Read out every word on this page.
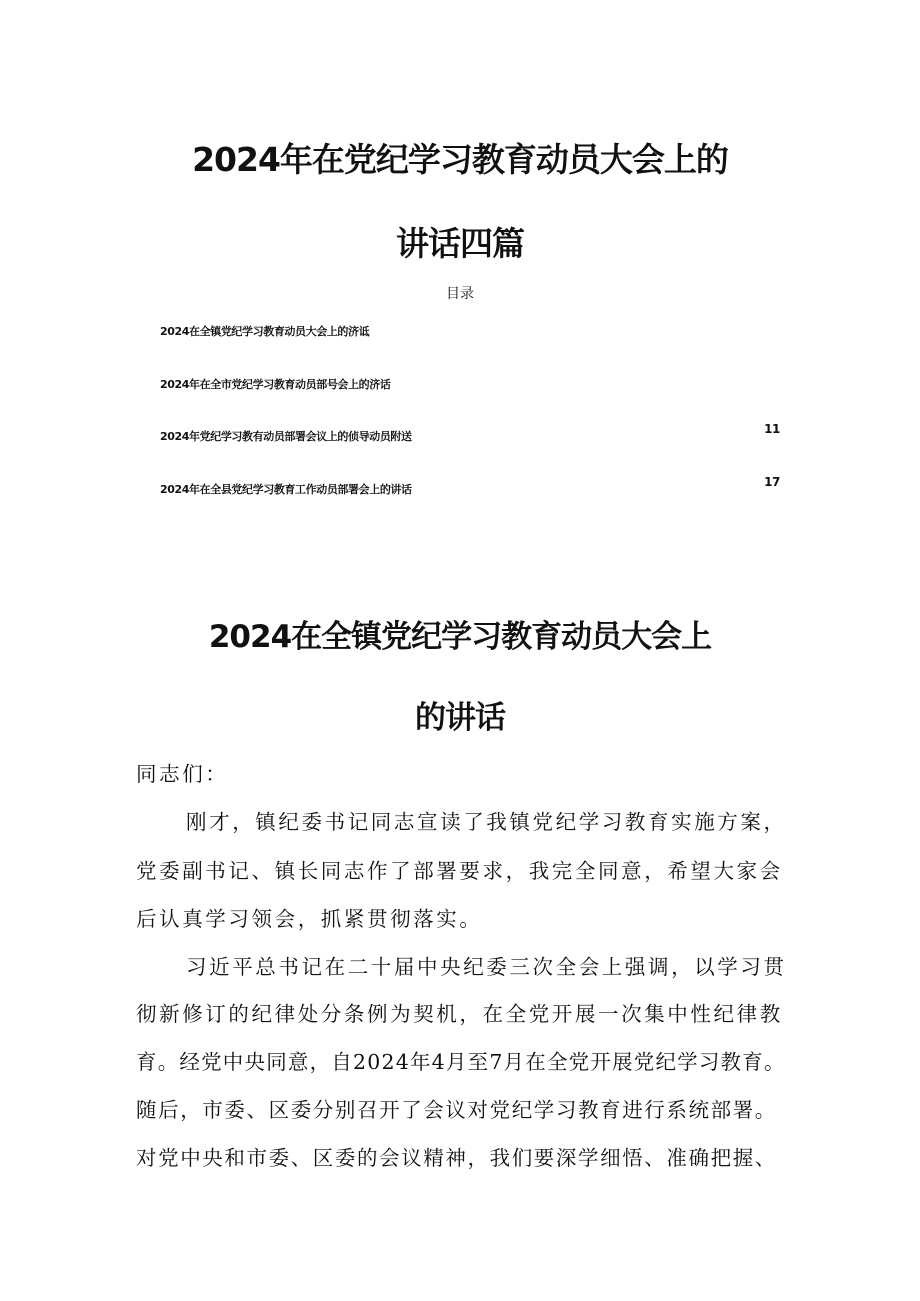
2024年在党纪学习教育动员大会上的
讲话四篇
目录
2024在全镇党纪学习教育动员大会上的济诋
2024年在全市党纪学习教育动员部号会上的济话
2024年党纪学习教有动员部署会议上的侦导动员附送
11
2024年在全县党纪学习教育工作动员部署会上的讲话
17
2024在全镇党纪学习教育动员大会上
的讲话
同志们：
刚才，镇纪委书记同志宣读了我镇党纪学习教育实施方案，
党委副书记、镇长同志作了部署要求，我完全同意，希望大家会
后认真学习领会，抓紧贯彻落实。
习近平总书记在二十届中央纪委三次全会上强调，以学习贯
彻新修订的纪律处分条例为契机，在全党开展一次集中性纪律教
育。经党中央同意，自2024年4月至7月在全党开展党纪学习教育。
随后，市委、区委分别召开了会议对党纪学习教育进行系统部署。
对党中央和市委、区委的会议精神，我们要深学细悟、准确把握、
